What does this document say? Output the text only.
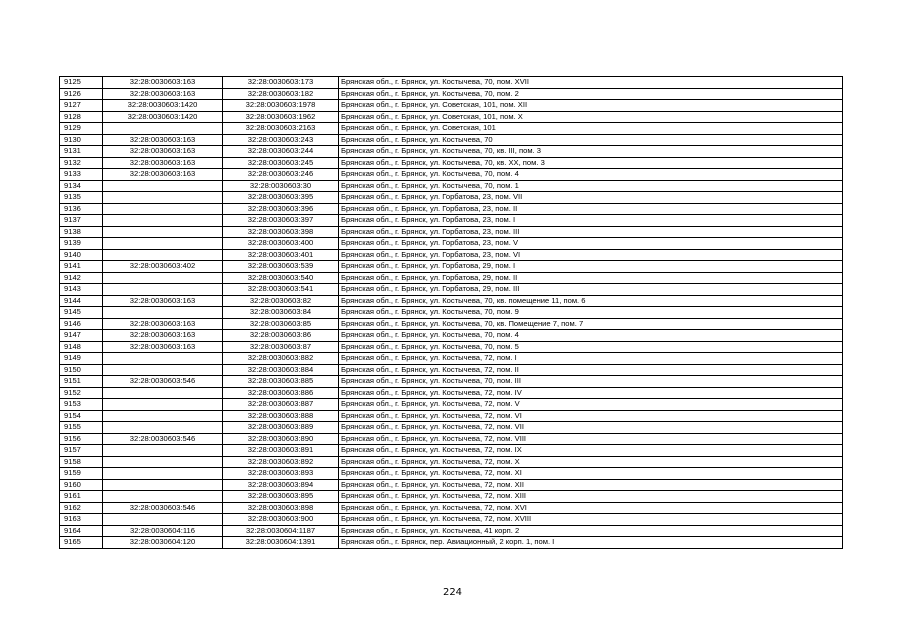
9125	32:28:0030603:163	32:28:0030603:173	Брянская обл., г. Брянск, ул. Костычева, 70, пом. XVII
9126	32:28:0030603:163	32:28:0030603:182	Брянская обл., г. Брянск, ул. Костычева, 70, пом. 2
9127	32:28:0030603:1420	32:28:0030603:1978	Брянская обл., г. Брянск, ул. Советская, 101, пом. XII
9128	32:28:0030603:1420	32:28:0030603:1962	Брянская обл., г. Брянск, ул. Советская, 101, пом. X
9129		32:28:0030603:2163	Брянская обл., г. Брянск, ул. Советская, 101
9130	32:28:0030603:163	32:28:0030603:243	Брянская обл., г. Брянск, ул. Костычева, 70
9131	32:28:0030603:163	32:28:0030603:244	Брянская обл., г. Брянск, ул. Костычева, 70, кв. III, пом. 3
9132	32:28:0030603:163	32:28:0030603:245	Брянская обл., г. Брянск, ул. Костычева, 70, кв. XX, пом. 3
9133	32:28:0030603:163	32:28:0030603:246	Брянская обл., г. Брянск, ул. Костычева, 70, пом. 4
9134		32:28:0030603:30	Брянская обл., г. Брянск, ул. Костычева, 70, пом. 1
9135		32:28:0030603:395	Брянская обл., г. Брянск, ул. Горбатова, 23, пом. VII
9136		32:28:0030603:396	Брянская обл., г. Брянск, ул. Горбатова, 23, пом. II
9137		32:28:0030603:397	Брянская обл., г. Брянск, ул. Горбатова, 23, пом. I
9138		32:28:0030603:398	Брянская обл., г. Брянск, ул. Горбатова, 23, пом. III
9139		32:28:0030603:400	Брянская обл., г. Брянск, ул. Горбатова, 23, пом. V
9140		32:28:0030603:401	Брянская обл., г. Брянск, ул. Горбатова, 23, пом. VI
9141	32:28:0030603:402	32:28:0030603:539	Брянская обл., г. Брянск, ул. Горбатова, 29, пом. I
9142		32:28:0030603:540	Брянская обл., г. Брянск, ул. Горбатова, 29, пом. II
9143		32:28:0030603:541	Брянская обл., г. Брянск, ул. Горбатова, 29, пом. III
9144	32:28:0030603:163	32:28:0030603:82	Брянская обл., г. Брянск, ул. Костычева, 70, кв. помещение 11, пом. 6
9145		32:28:0030603:84	Брянская обл., г. Брянск, ул. Костычева, 70, пом. 9
9146	32:28:0030603:163	32:28:0030603:85	Брянская обл., г. Брянск, ул. Костычева, 70, кв. Помещение 7, пом. 7
9147	32:28:0030603:163	32:28:0030603:86	Брянская обл., г. Брянск, ул. Костычева, 70, пом. 4
9148	32:28:0030603:163	32:28:0030603:87	Брянская обл., г. Брянск, ул. Костычева, 70, пом. 5
9149		32:28:0030603:882	Брянская обл., г. Брянск, ул. Костычева, 72, пом. I
9150		32:28:0030603:884	Брянская обл., г. Брянск, ул. Костычева, 72, пом. II
9151	32:28:0030603:546	32:28:0030603:885	Брянская обл., г. Брянск, ул. Костычева, 70, пом. III
9152		32:28:0030603:886	Брянская обл., г. Брянск, ул. Костычева, 72, пом. IV
9153		32:28:0030603:887	Брянская обл., г. Брянск, ул. Костычева, 72, пом. V
9154		32:28:0030603:888	Брянская обл., г. Брянск, ул. Костычева, 72, пом. VI
9155		32:28:0030603:889	Брянская обл., г. Брянск, ул. Костычева, 72, пом. VII
9156	32:28:0030603:546	32:28:0030603:890	Брянская обл., г. Брянск, ул. Костычева, 72, пом. VIII
9157		32:28:0030603:891	Брянская обл., г. Брянск, ул. Костычева, 72, пом. IX
9158		32:28:0030603:892	Брянская обл., г. Брянск, ул. Костычева, 72, пом. X
9159		32:28:0030603:893	Брянская обл., г. Брянск, ул. Костычева, 72, пом. XI
9160		32:28:0030603:894	Брянская обл., г. Брянск, ул. Костычева, 72, пом. XII
9161		32:28:0030603:895	Брянская обл., г. Брянск, ул. Костычева, 72, пом. XIII
9162	32:28:0030603:546	32:28:0030603:898	Брянская обл., г. Брянск, ул. Костычева, 72, пом. XVI
9163		32:28:0030603:900	Брянская обл., г. Брянск, ул. Костычева, 72, пом. XVIII
9164	32:28:0030604:116	32:28:0030604:1187	Брянская обл., г. Брянск, ул. Костычева, 41 корп. 2
9165	32:28:0030604:120	32:28:0030604:1391	Брянская обл., г. Брянск, пер. Авиационный, 2 корп. 1, пом. I
224
